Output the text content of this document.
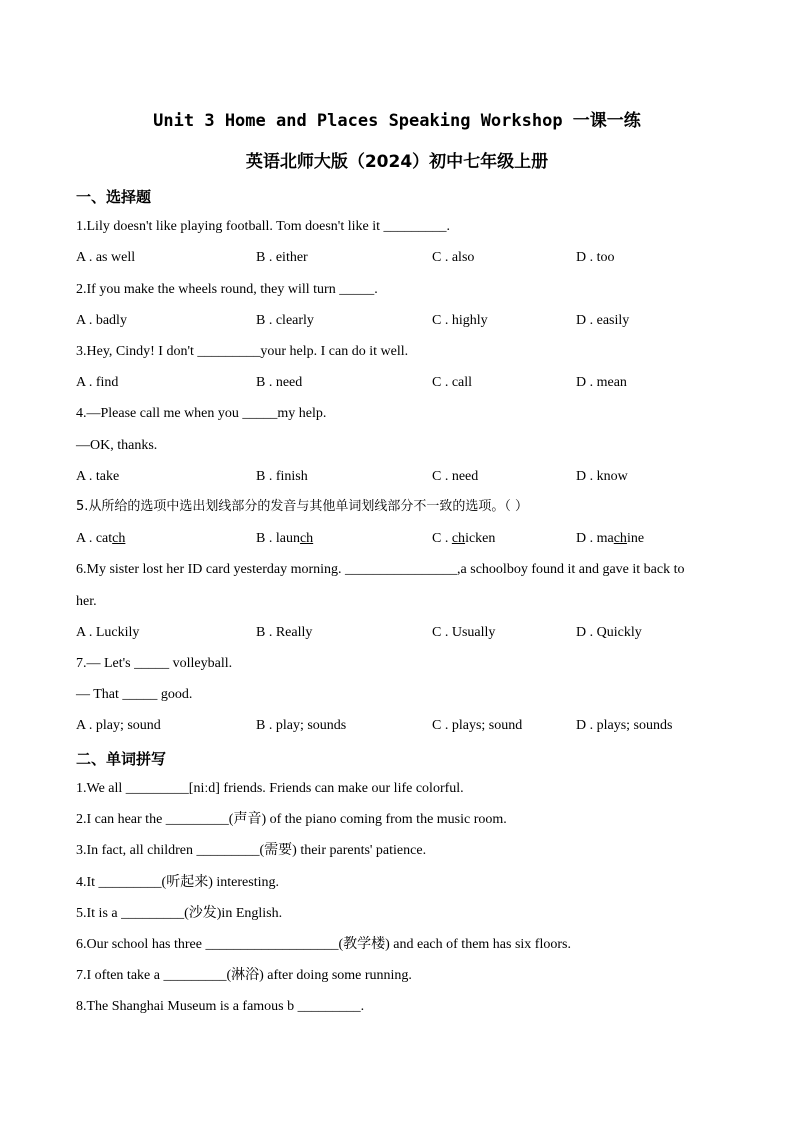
Unit 3 Home and Places Speaking Workshop 一课一练
英语北师大版（2024）初中七年级上册
一、选择题
1.Lily doesn't like playing football. Tom doesn't like it _________.
A . as well	B . either	C . also	D . too
2.If you make the wheels round, they will turn _____.
A . badly	B . clearly	C . highly	D . easily
3.Hey, Cindy! I don't _________your help. I can do it well.
A . find	B . need	C . call	D . mean
4.—Please call me when you _____my help.
—OK, thanks.
A . take	B . finish	C . need	D . know
5.从所给的选项中选出划线部分的发音与其他单词划线部分不一致的选项。（ ）
A . catch	B . launch	C . chicken	D . machine
6.My sister lost her ID card yesterday morning. ________________,a schoolboy found it and gave it back to
her.
A . Luckily	B . Really	C . Usually	D . Quickly
7.— Let's _____ volleyball.
— That _____ good.
A . play; sound	B . play; sounds	C . plays; sound	D . plays; sounds
二、单词拼写
1.We all _________[niːd] friends. Friends can make our life colorful.
2.I can hear the _________(声音) of the piano coming from the music room.
3.In fact, all children _________(需要) their parents' patience.
4.It _________(听起来) interesting.
5.It is a _________(沙发)in English.
6.Our school has three ___________________(教学楼) and each of them has six floors.
7.I often take a _________(淋浴) after doing some running.
8.The Shanghai Museum is a famous b _________.
